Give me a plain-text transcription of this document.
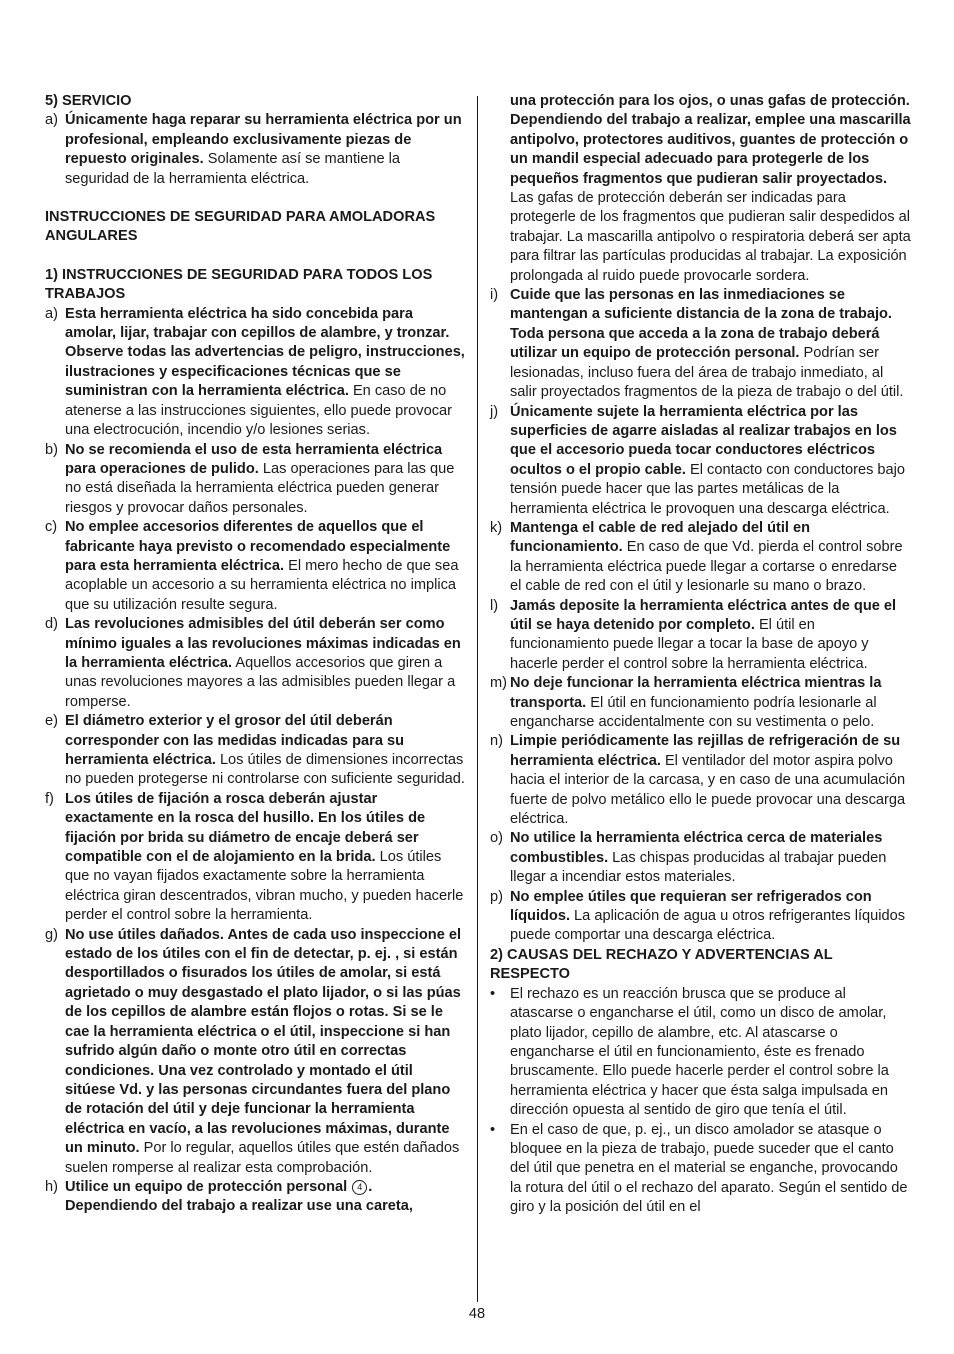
5) SERVICIO
a) Únicamente haga reparar su herramienta eléctrica por un profesional, empleando exclusivamente piezas de repuesto originales. Solamente así se mantiene la seguridad de la herramienta eléctrica.
INSTRUCCIONES DE SEGURIDAD PARA AMOLADORAS ANGULARES
1) INSTRUCCIONES DE SEGURIDAD PARA TODOS LOS TRABAJOS
a) Esta herramienta eléctrica ha sido concebida para amolar, lijar, trabajar con cepillos de alambre, y tronzar. Observe todas las advertencias de peligro, instrucciones, ilustraciones y especificaciones técnicas que se suministran con la herramienta eléctrica. En caso de no atenerse a las instrucciones siguientes, ello puede provocar una electrocución, incendio y/o lesiones serias.
b) No se recomienda el uso de esta herramienta eléctrica para operaciones de pulido. Las operaciones para las que no está diseñada la herramienta eléctrica pueden generar riesgos y provocar daños personales.
c) No emplee accesorios diferentes de aquellos que el fabricante haya previsto o recomendado especialmente para esta herramienta eléctrica. El mero hecho de que sea acoplable un accesorio a su herramienta eléctrica no implica que su utilización resulte segura.
d) Las revoluciones admisibles del útil deberán ser como mínimo iguales a las revoluciones máximas indicadas en la herramienta eléctrica. Aquellos accesorios que giren a unas revoluciones mayores a las admisibles pueden llegar a romperse.
e) El diámetro exterior y el grosor del útil deberán corresponder con las medidas indicadas para su herramienta eléctrica. Los útiles de dimensiones incorrectas no pueden protegerse ni controlarse con suficiente seguridad.
f) Los útiles de fijación a rosca deberán ajustar exactamente en la rosca del husillo. En los útiles de fijación por brida su diámetro de encaje deberá ser compatible con el de alojamiento en la brida. Los útiles que no vayan fijados exactamente sobre la herramienta eléctrica giran descentrados, vibran mucho, y pueden hacerle perder el control sobre la herramienta.
g) No use útiles dañados. Antes de cada uso inspeccione el estado de los útiles con el fin de detectar, p. ej. , si están desportillados o fisurados los útiles de amolar, si está agrietado o muy desgastado el plato lijador, o si las púas de los cepillos de alambre están flojos o rotas. Si se le cae la herramienta eléctrica o el útil, inspeccione si han sufrido algún daño o monte otro útil en correctas condiciones. Una vez controlado y montado el útil sitúese Vd. y las personas circundantes fuera del plano de rotación del útil y deje funcionar la herramienta eléctrica en vacío, a las revoluciones máximas, durante un minuto. Por lo regular, aquellos útiles que estén dañados suelen romperse al realizar esta comprobación.
h) Utilice un equipo de protección personal 4 . Dependiendo del trabajo a realizar use una careta,
una protección para los ojos, o unas gafas de protección. Dependiendo del trabajo a realizar, emplee una mascarilla antipolvo, protectores auditivos, guantes de protección o un mandil especial adecuado para protegerle de los pequeños fragmentos que pudieran salir proyectados. Las gafas de protección deberán ser indicadas para protegerle de los fragmentos que pudieran salir despedidos al trabajar. La mascarilla antipolvo o respiratoria deberá ser apta para filtrar las partículas producidas al trabajar. La exposición prolongada al ruido puede provocarle sordera.
i) Cuide que las personas en las inmediaciones se mantengan a suficiente distancia de la zona de trabajo. Toda persona que acceda a la zona de trabajo deberá utilizar un equipo de protección personal. Podrían ser lesionadas, incluso fuera del área de trabajo inmediato, al salir proyectados fragmentos de la pieza de trabajo o del útil.
j) Únicamente sujete la herramienta eléctrica por las superficies de agarre aisladas al realizar trabajos en los que el accesorio pueda tocar conductores eléctricos ocultos o el propio cable. El contacto con conductores bajo tensión puede hacer que las partes metálicas de la herramienta eléctrica le provoquen una descarga eléctrica.
k) Mantenga el cable de red alejado del útil en funcionamiento. En caso de que Vd. pierda el control sobre la herramienta eléctrica puede llegar a cortarse o enredarse el cable de red con el útil y lesionarle su mano o brazo.
l) Jamás deposite la herramienta eléctrica antes de que el útil se haya detenido por completo. El útil en funcionamiento puede llegar a tocar la base de apoyo y hacerle perder el control sobre la herramienta eléctrica.
m) No deje funcionar la herramienta eléctrica mientras la transporta. El útil en funcionamiento podría lesionarle al engancharse accidentalmente con su vestimenta o pelo.
n) Limpie periódicamente las rejillas de refrigeración de su herramienta eléctrica. El ventilador del motor aspira polvo hacia el interior de la carcasa, y en caso de una acumulación fuerte de polvo metálico ello le puede provocar una descarga eléctrica.
o) No utilice la herramienta eléctrica cerca de materiales combustibles. Las chispas producidas al trabajar pueden llegar a incendiar estos materiales.
p) No emplee útiles que requieran ser refrigerados con líquidos. La aplicación de agua u otros refrigerantes líquidos puede comportar una descarga eléctrica.
2) CAUSAS DEL RECHAZO Y ADVERTENCIAS AL RESPECTO
•	El rechazo es un reacción brusca que se produce al atascarse o engancharse el útil, como un disco de amolar, plato lijador, cepillo de alambre, etc. Al atascarse o engancharse el útil en funcionamiento, éste es frenado bruscamente. Ello puede hacerle perder el control sobre la herramienta eléctrica y hacer que ésta salga impulsada en dirección opuesta al sentido de giro que tenía el útil.
•	En el caso de que, p. ej., un disco amolador se atasque o bloquee en la pieza de trabajo, puede suceder que el canto del útil que penetra en el material se enganche, provocando la rotura del útil o el rechazo del aparato. Según el sentido de giro y la posición del útil en el
48
